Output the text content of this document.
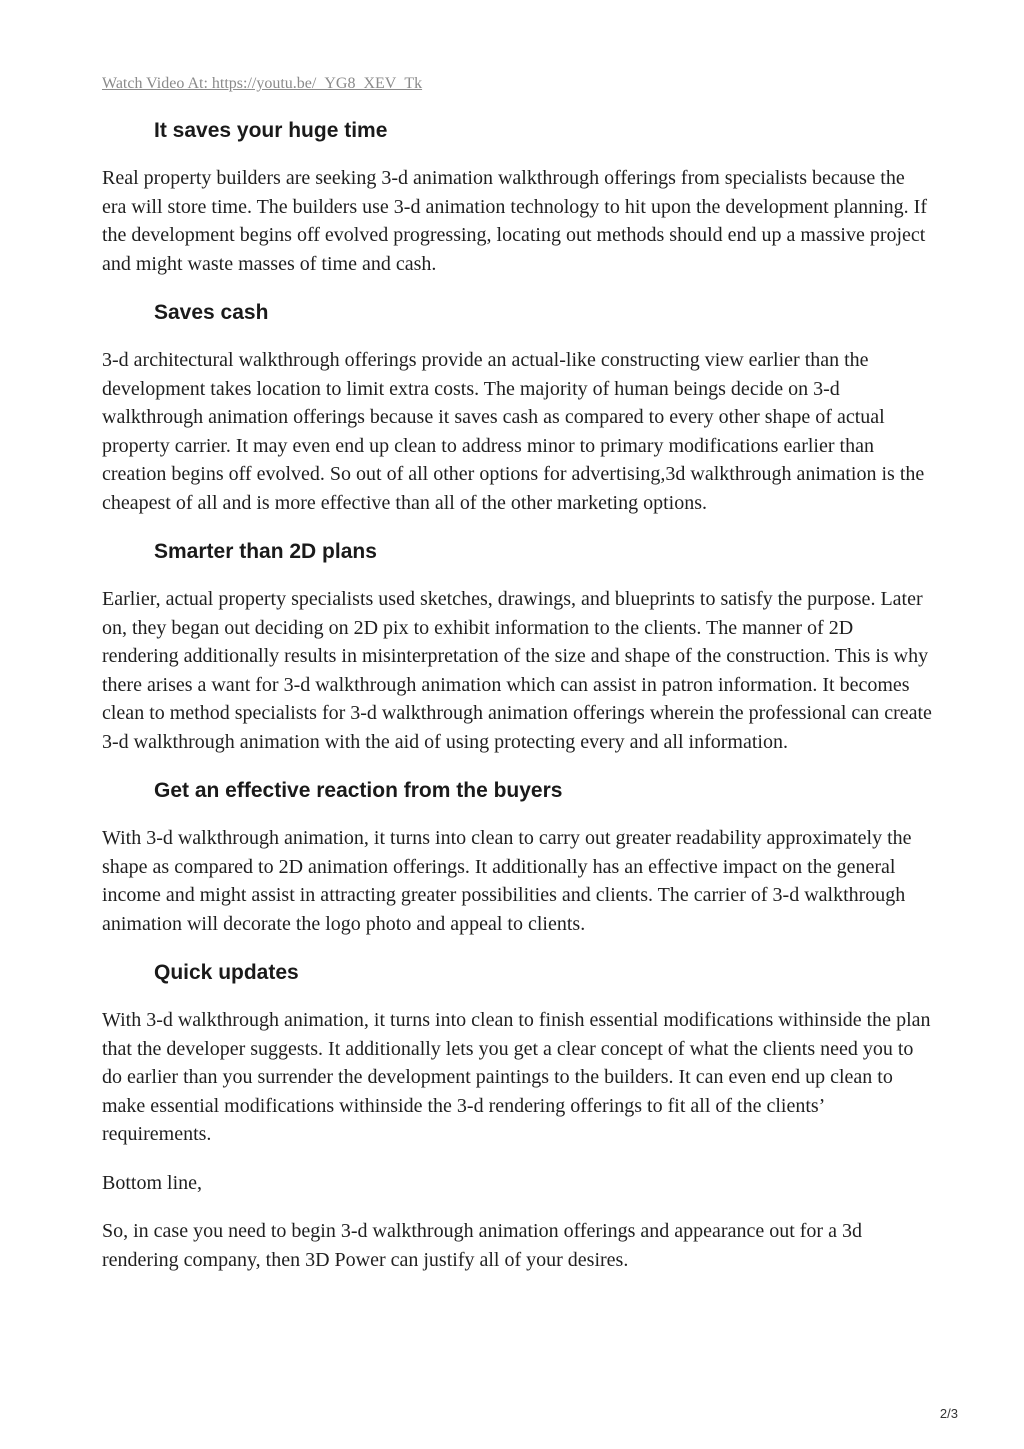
Watch Video At: https://youtu.be/_YG8_XEV_Tk

It saves your huge time

Real property builders are seeking 3-d animation walkthrough offerings from specialists because the era will store time. The builders use 3-d animation technology to hit upon the development planning. If the development begins off evolved progressing, locating out methods should end up a massive project and might waste masses of time and cash.

Saves cash

3-d architectural walkthrough offerings provide an actual-like constructing view earlier than the development takes location to limit extra costs. The majority of human beings decide on 3-d walkthrough animation offerings because it saves cash as compared to every other shape of actual property carrier. It may even end up clean to address minor to primary modifications earlier than creation begins off evolved. So out of all other options for advertising,3d walkthrough animation is the cheapest of all and is more effective than all of the other marketing options.

Smarter than 2D plans

Earlier, actual property specialists used sketches, drawings, and blueprints to satisfy the purpose. Later on, they began out deciding on 2D pix to exhibit information to the clients. The manner of 2D rendering additionally results in misinterpretation of the size and shape of the construction. This is why there arises a want for 3-d walkthrough animation which can assist in patron information. It becomes clean to method specialists for 3-d walkthrough animation offerings wherein the professional can create 3-d walkthrough animation with the aid of using protecting every and all information.

Get an effective reaction from the buyers

With 3-d walkthrough animation, it turns into clean to carry out greater readability approximately the shape as compared to 2D animation offerings. It additionally has an effective impact on the general income and might assist in attracting greater possibilities and clients. The carrier of 3-d walkthrough animation will decorate the logo photo and appeal to clients.

Quick updates

With 3-d walkthrough animation, it turns into clean to finish essential modifications withinside the plan that the developer suggests. It additionally lets you get a clear concept of what the clients need you to do earlier than you surrender the development paintings to the builders. It can even end up clean to make essential modifications withinside the 3-d rendering offerings to fit all of the clients’ requirements.

Bottom line,

So, in case you need to begin 3-d walkthrough animation offerings and appearance out for a 3d rendering company, then 3D Power can justify all of your desires.

2/3
